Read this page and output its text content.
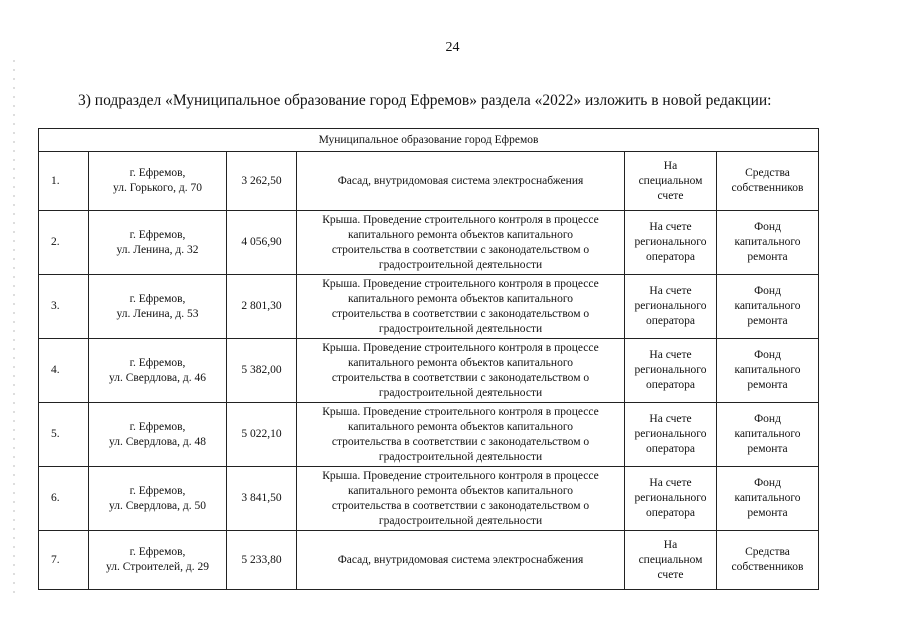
24
3) подраздел «Муниципальное образование город Ефремов» раздела «2022» изложить в новой редакции:
Муниципальное образование город Ефремов					
1.	г. Ефремов,
ул. Горького, д. 70	3 262,50	Фасад, внутридомовая система электроснабжения	На
специальном
счете	Средства
собственников

2.	г. Ефремов,
ул. Ленина, д. 32	4 056,90	Крыша. Проведение строительного контроля в процессе
капитального ремонта объектов капитального
строительства в соответствии с законодательством о
градостроительной деятельности	На счете
регионального
оператора	Фонд
капитального
ремонта

3.	г. Ефремов,
ул. Ленина, д. 53	2 801,30	Крыша. Проведение строительного контроля в процессе
капитального ремонта объектов капитального
строительства в соответствии с законодательством о
градостроительной деятельности	На счете
регионального
оператора	Фонд
капитального
ремонта

4.	г. Ефремов,
ул. Свердлова, д. 46	5 382,00	Крыша. Проведение строительного контроля в процессе
капитального ремонта объектов капитального
строительства в соответствии с законодательством о
градостроительной деятельности	На счете
регионального
оператора	Фонд
капитального
ремонта

5.	г. Ефремов,
ул. Свердлова, д. 48	5 022,10	Крыша. Проведение строительного контроля в процессе
капитального ремонта объектов капитального
строительства в соответствии с законодательством о
градостроительной деятельности	На счете
регионального
оператора	Фонд
капитального
ремонта

6.	г. Ефремов,
ул. Свердлова, д. 50	3 841,50	Крыша. Проведение строительного контроля в процессе
капитального ремонта объектов капитального
строительства в соответствии с законодательством о
градостроительной деятельности	На счете
регионального
оператора	Фонд
капитального
ремонта

7.	г. Ефремов,
ул. Строителей, д. 29	5 233,80	Фасад, внутридомовая система электроснабжения	На
специальном
счете	Средства
собственников
